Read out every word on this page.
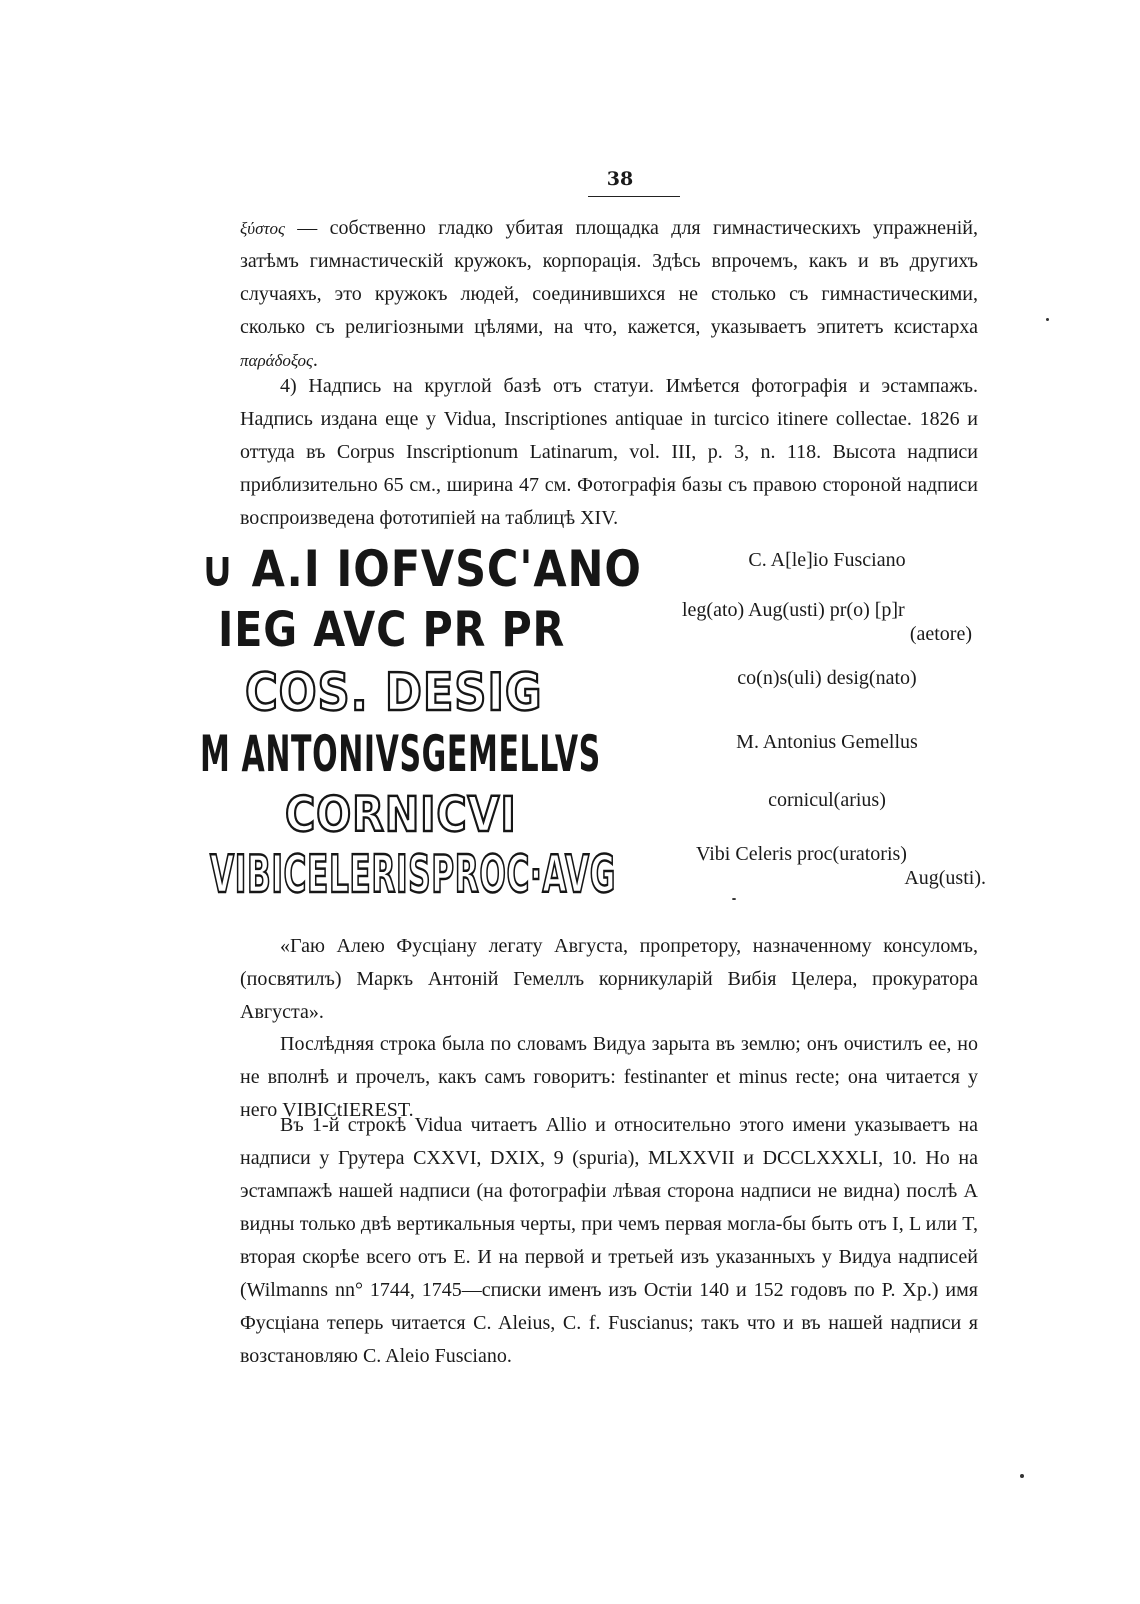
38

ξύστος — собственно гладко убитая площадка для гимнастическихъ упражненій, затѣмъ гимнастическій кружокъ, корпорація. Здѣсь впрочемъ, какъ и въ другихъ случаяхъ, это кружокъ людей, соединившихся не столько съ гимнастическими, сколько съ религіозными цѣлями, на что, кажется, указываетъ эпитетъ ксистарха παράδοξος.

4) Надпись на круглой базѣ отъ статуи. Имѣется фотографія и эстампажъ. Надпись издана еще у Vidua, Inscriptiones antiquae in turcico itinere collectae. 1826 и оттуда въ Corpus Inscriptionum Latinarum, vol. III, p. 3, n. 118. Высота надписи приблизительно 65 см., ширина 47 см. Фотографія базы съ правою стороной надписи воспроизведена фототипіей на таблицѣ XIV.

∪ A.I IOFVSC'ANO
IEG AVC PR PR
COS. DESIG
M ANTONIVSGEMELLVS
CORNICVI
VIBICELERISPROC·AVG
C. A[le]io Fusciano
leg(ato) Aug(usti) pr(o) [p]r
(aetore)
co(n)s(uli) desig(nato)
M. Antonius Gemellus
cornicul(arius)
Vibi Celeris proc(uratoris)
Aug(usti).

«Гаю Алею Фусціану легату Августа, пропретору, назначенному консуломъ, (посвятилъ) Маркъ Антоній Гемеллъ корникуларій Вибія Целера, прокуратора Августа».

Послѣдняя строка была по словамъ Видуа зарыта въ землю; онъ очистилъ ее, но не вполнѣ и прочелъ, какъ самъ говоритъ: festinanter et minus recte; она читается у него VIBICtIEREST.

Въ 1-й строкѣ Vidua читаетъ Allio и относительно этого имени указываетъ на надписи у Грутера CXXVI, DXIX, 9 (spuria), MLXXVII и DCCLXXXLI, 10. Но на эстампажѣ нашей надписи (на фотографіи лѣвая сторона надписи не видна) послѣ A видны только двѣ вертикальныя черты, при чемъ первая могла-бы быть отъ I, L или T, вторая скорѣе всего отъ E. И на первой и третьей изъ указанныхъ у Видуа надписей (Wilmanns nn° 1744, 1745—списки именъ изъ Остіи 140 и 152 годовъ по P. Хр.) имя Фусціана теперь читается C. Aleius, C. f. Fuscianus; такъ что и въ нашей надписи я возстановляю C. Aleio Fusciano.
